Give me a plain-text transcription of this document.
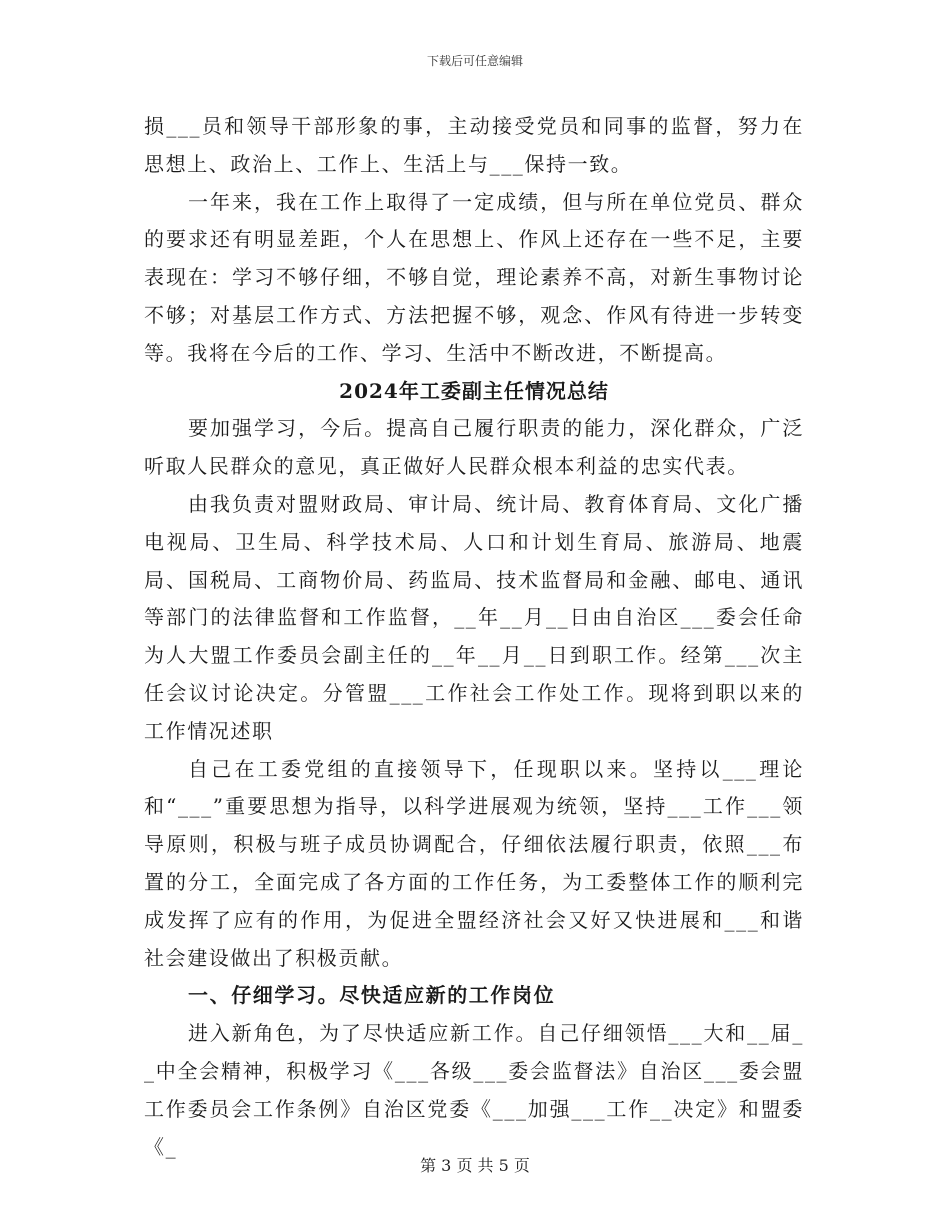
下载后可任意编辑

损___员和领导干部形象的事，主动接受党员和同事的监督，努力在思想上、政治上、工作上、生活上与___保持一致。

一年来，我在工作上取得了一定成绩，但与所在单位党员、群众的要求还有明显差距，个人在思想上、作风上还存在一些不足，主要表现在：学习不够仔细，不够自觉，理论素养不高，对新生事物讨论不够；对基层工作方式、方法把握不够，观念、作风有待进一步转变等。我将在今后的工作、学习、生活中不断改进，不断提高。

2024年工委副主任情况总结

要加强学习，今后。提高自己履行职责的能力，深化群众，广泛听取人民群众的意见，真正做好人民群众根本利益的忠实代表。

由我负责对盟财政局、审计局、统计局、教育体育局、文化广播电视局、卫生局、科学技术局、人口和计划生育局、旅游局、地震局、国税局、工商物价局、药监局、技术监督局和金融、邮电、通讯等部门的法律监督和工作监督，__年__月__日由自治区___委会任命为人大盟工作委员会副主任的__年__月__日到职工作。经第___次主任会议讨论决定。分管盟___工作社会工作处工作。现将到职以来的工作情况述职

自己在工委党组的直接领导下，任现职以来。坚持以___理论和“___”重要思想为指导，以科学进展观为统领，坚持___工作___领导原则，积极与班子成员协调配合，仔细依法履行职责，依照___布置的分工，全面完成了各方面的工作任务，为工委整体工作的顺利完成发挥了应有的作用，为促进全盟经济社会又好又快进展和___和谐社会建设做出了积极贡献。

一、仔细学习。尽快适应新的工作岗位

进入新角色，为了尽快适应新工作。自己仔细领悟___大和__届__中全会精神，积极学习《___各级___委会监督法》自治区___委会盟工作委员会工作条例》自治区党委《___加强___工作__决定》和盟委《_

第 3 页 共 5 页
